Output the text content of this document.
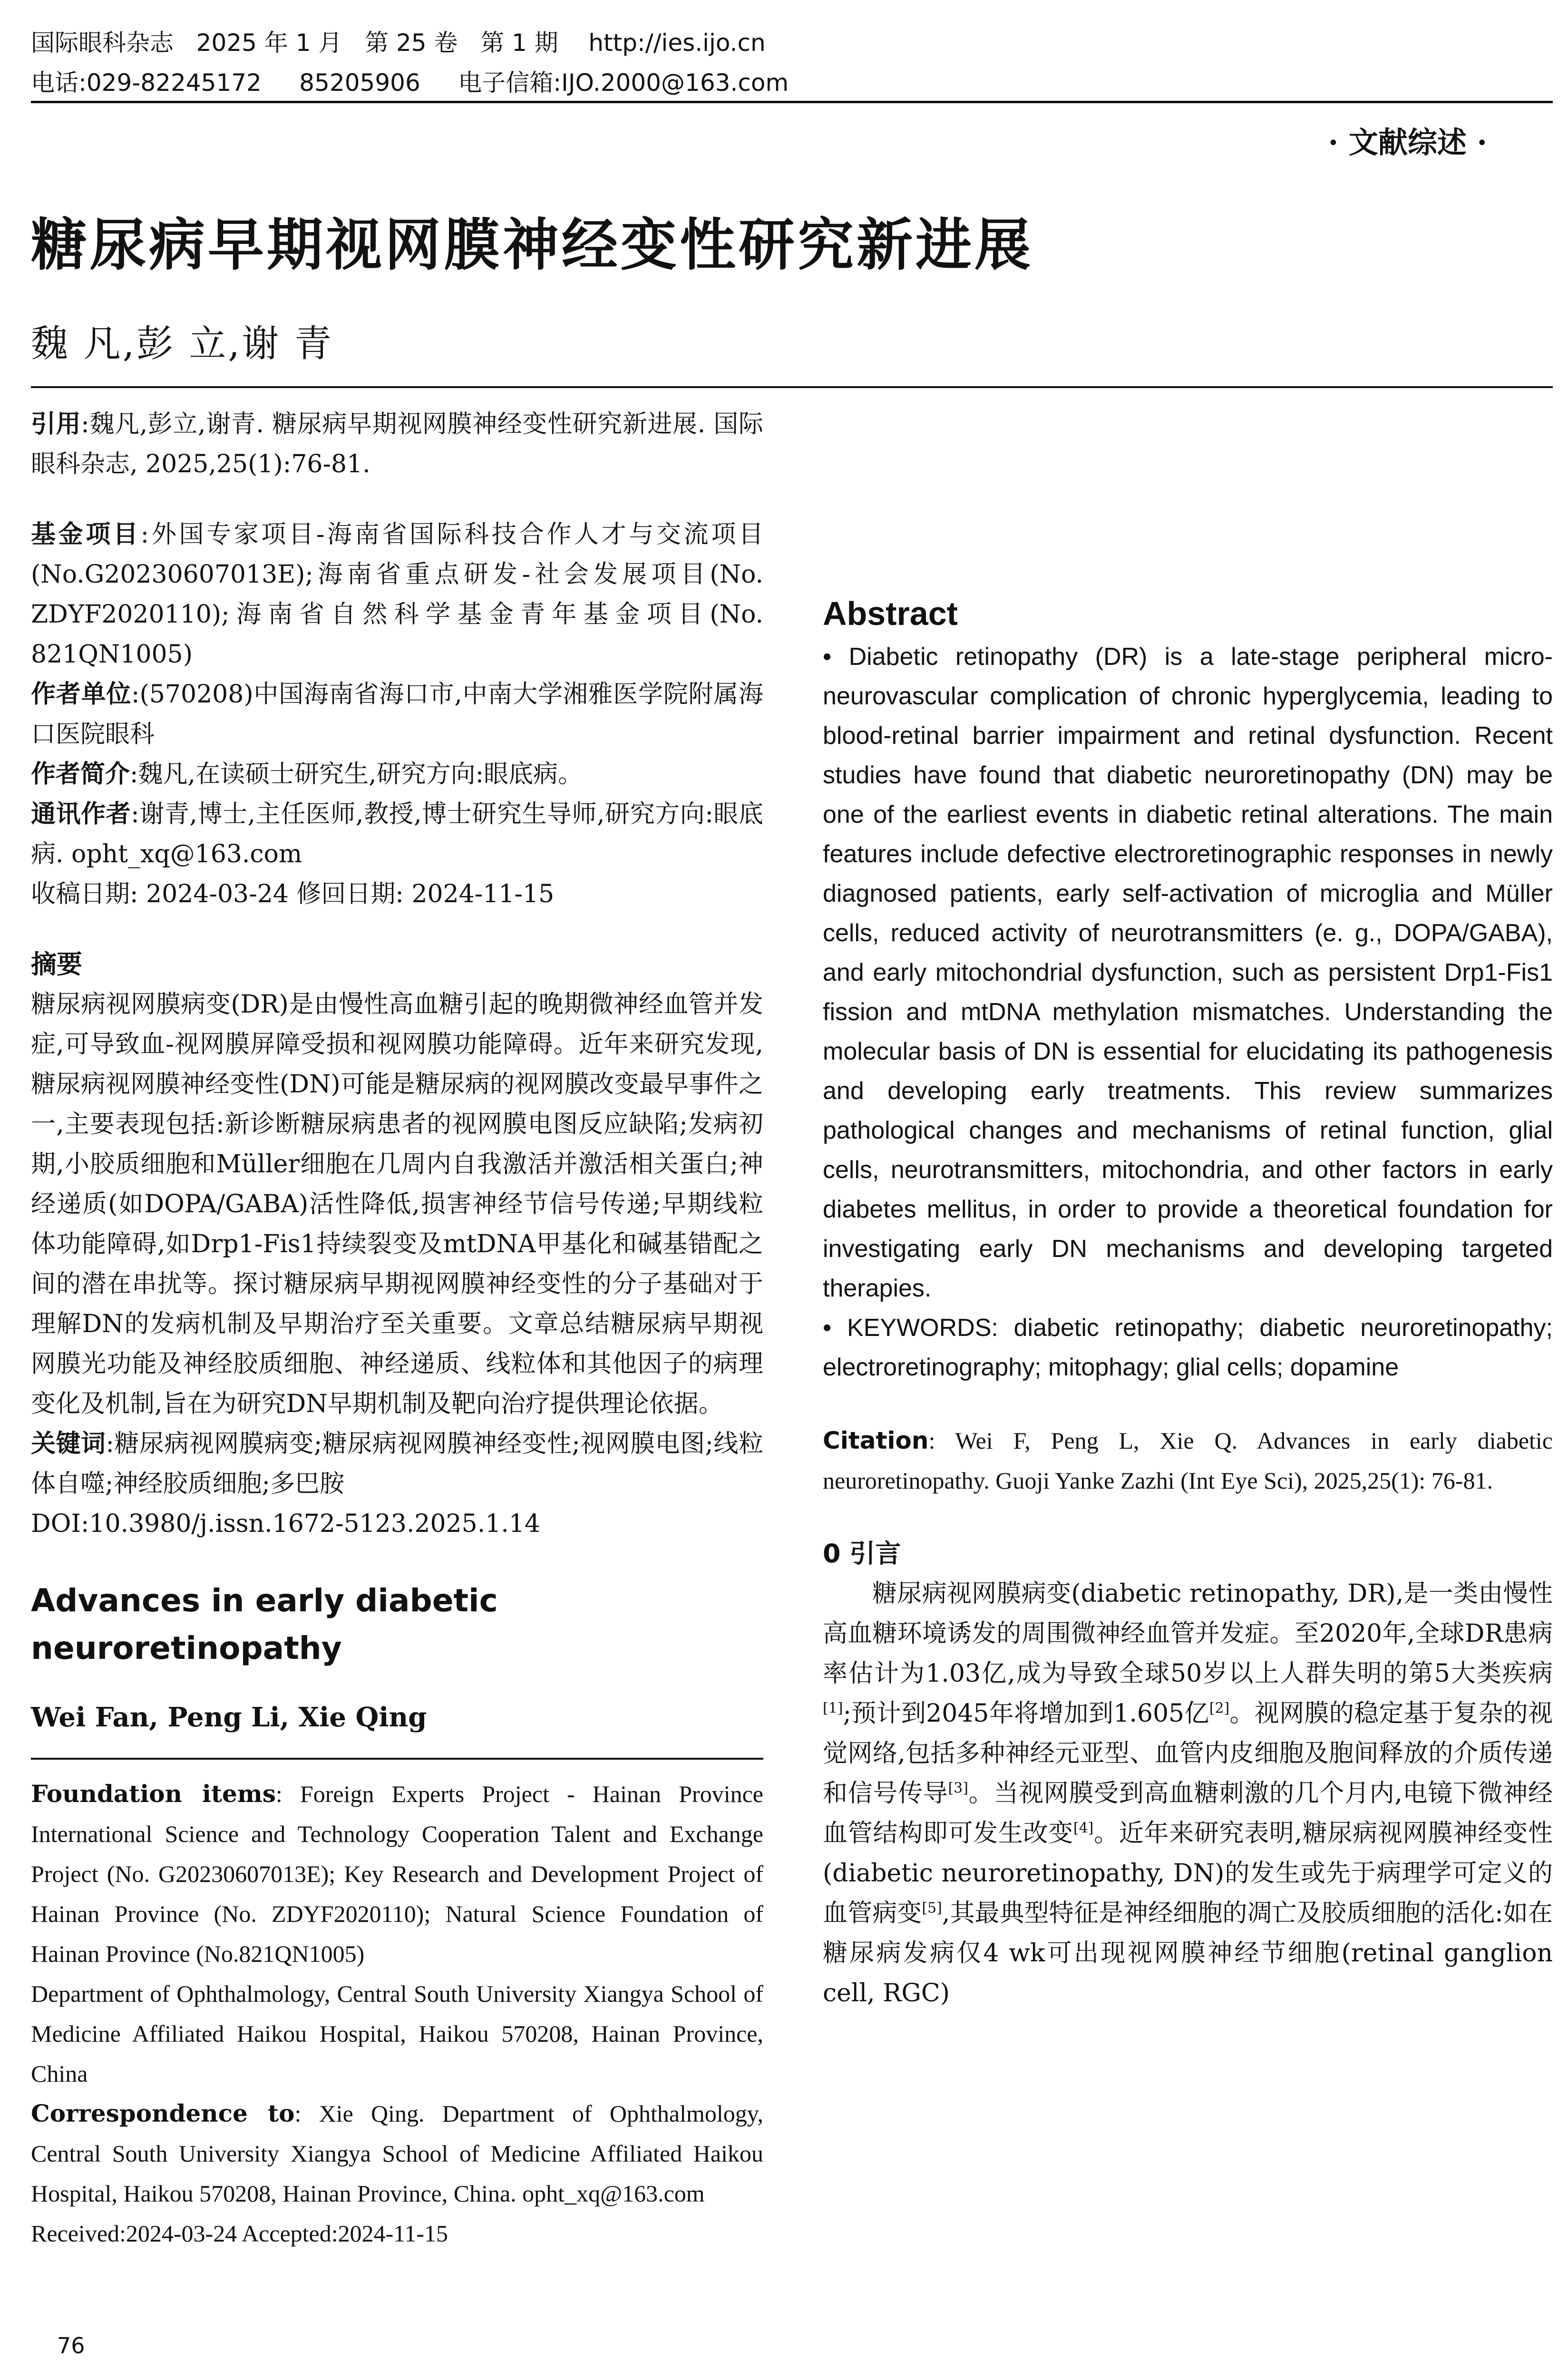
国际眼科杂志   2025 年 1 月   第 25 卷   第 1 期    http://ies.ijo.cn
电话:029-82245172     85205906     电子信箱:IJO.2000@163.com
· 文献综述 ·
糖尿病早期视网膜神经变性研究新进展
魏 凡,彭 立,谢 青

引用:魏凡,彭立,谢青. 糖尿病早期视网膜神经变性研究新进展. 国际眼科杂志, 2025,25(1):76-81.

基金项目:外国专家项目-海南省国际科技合作人才与交流项目(No.G20230607013E);海南省重点研发-社会发展项目(No. ZDYF2020110);海南省自然科学基金青年基金项目(No. 821QN1005)

作者单位:(570208)中国海南省海口市,中南大学湘雅医学院附属海口医院眼科

作者简介:魏凡,在读硕士研究生,研究方向:眼底病。

通讯作者:谢青,博士,主任医师,教授,博士研究生导师,研究方向:眼底病. opht_xq@163.com

收稿日期: 2024-03-24 修回日期: 2024-11-15

摘要

糖尿病视网膜病变(DR)是由慢性高血糖引起的晚期微神经血管并发症,可导致血-视网膜屏障受损和视网膜功能障碍。近年来研究发现,糖尿病视网膜神经变性(DN)可能是糖尿病的视网膜改变最早事件之一,主要表现包括:新诊断糖尿病患者的视网膜电图反应缺陷;发病初期,小胶质细胞和Müller细胞在几周内自我激活并激活相关蛋白;神经递质(如DOPA/GABA)活性降低,损害神经节信号传递;早期线粒体功能障碍,如Drp1-Fis1持续裂变及mtDNA甲基化和碱基错配之间的潜在串扰等。探讨糖尿病早期视网膜神经变性的分子基础对于理解DN的发病机制及早期治疗至关重要。文章总结糖尿病早期视网膜光功能及神经胶质细胞、神经递质、线粒体和其他因子的病理变化及机制,旨在为研究DN早期机制及靶向治疗提供理论依据。

关键词:糖尿病视网膜病变;糖尿病视网膜神经变性;视网膜电图;线粒体自噬;神经胶质细胞;多巴胺

DOI:10.3980/j.issn.1672-5123.2025.1.14

Advances in early diabetic neuroretinopathy
Wei Fan, Peng Li, Xie Qing

Foundation items: Foreign Experts Project - Hainan Province International Science and Technology Cooperation Talent and Exchange Project (No. G20230607013E); Key Research and Development Project of Hainan Province (No. ZDYF2020110); Natural Science Foundation of Hainan Province (No.821QN1005)

Department of Ophthalmology, Central South University Xiangya School of Medicine Affiliated Haikou Hospital, Haikou 570208, Hainan Province, China

Correspondence to: Xie Qing. Department of Ophthalmology, Central South University Xiangya School of Medicine Affiliated Haikou Hospital, Haikou 570208, Hainan Province, China. opht_xq@163.com

Received:2024-03-24 Accepted:2024-11-15

Abstract

• Diabetic retinopathy (DR) is a late-stage peripheral micro-neurovascular complication of chronic hyperglycemia, leading to blood-retinal barrier impairment and retinal dysfunction. Recent studies have found that diabetic neuroretinopathy (DN) may be one of the earliest events in diabetic retinal alterations. The main features include defective electroretinographic responses in newly diagnosed patients, early self-activation of microglia and Müller cells, reduced activity of neurotransmitters (e. g., DOPA/GABA), and early mitochondrial dysfunction, such as persistent Drp1-Fis1 fission and mtDNA methylation mismatches. Understanding the molecular basis of DN is essential for elucidating its pathogenesis and developing early treatments. This review summarizes pathological changes and mechanisms of retinal function, glial cells, neurotransmitters, mitochondria, and other factors in early diabetes mellitus, in order to provide a theoretical foundation for investigating early DN mechanisms and developing targeted therapies.

• KEYWORDS: diabetic retinopathy; diabetic neuroretinopathy; electroretinography; mitophagy; glial cells; dopamine

Citation: Wei F, Peng L, Xie Q. Advances in early diabetic neuroretinopathy. Guoji Yanke Zazhi (Int Eye Sci), 2025,25(1): 76-81.

0 引言

糖尿病视网膜病变(diabetic retinopathy, DR),是一类由慢性高血糖环境诱发的周围微神经血管并发症。至2020年,全球DR患病率估计为1.03亿,成为导致全球50岁以上人群失明的第5大类疾病[1];预计到2045年将增加到1.605亿[2]。视网膜的稳定基于复杂的视觉网络,包括多种神经元亚型、血管内皮细胞及胞间释放的介质传递和信号传导[3]。当视网膜受到高血糖刺激的几个月内,电镜下微神经血管结构即可发生改变[4]。近年来研究表明,糖尿病视网膜神经变性(diabetic neuroretinopathy, DN)的发生或先于病理学可定义的血管病变[5],其最典型特征是神经细胞的凋亡及胶质细胞的活化:如在糖尿病发病仅4 wk可出现视网膜神经节细胞(retinal ganglion cell, RGC)

76
